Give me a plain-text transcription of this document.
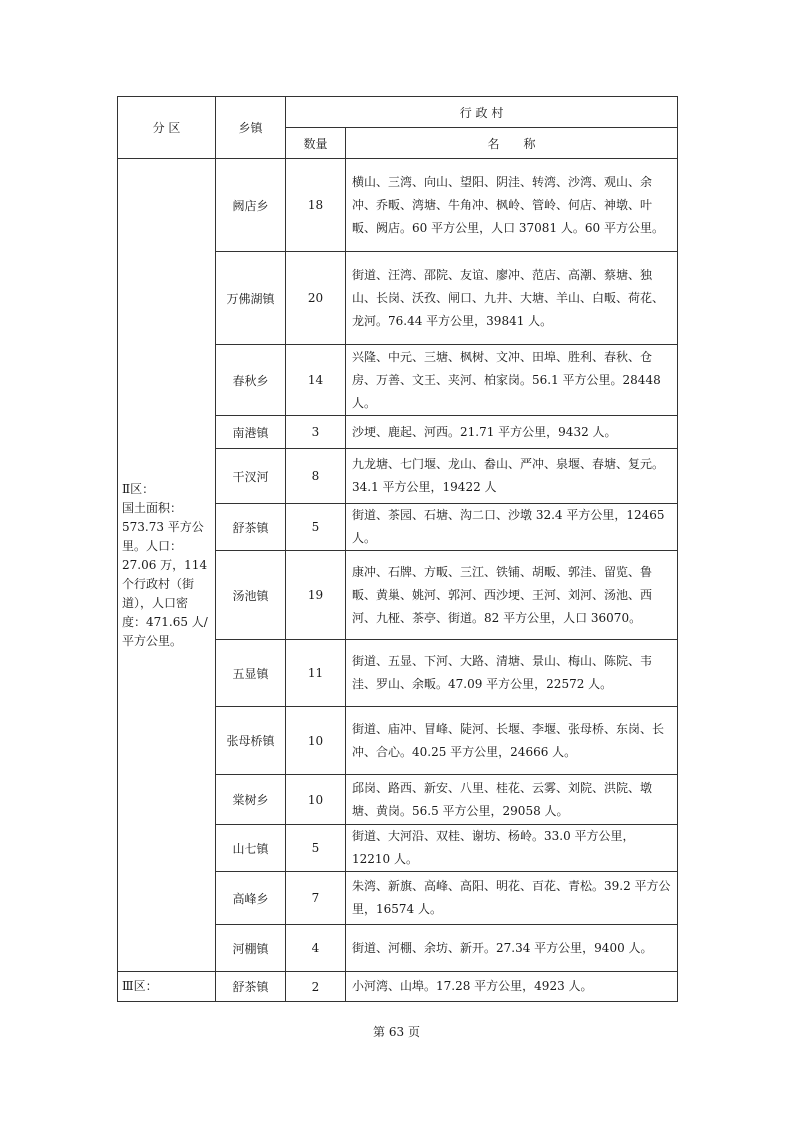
分 区	乡镇	行 政 村	
		数量	名　　称

Ⅱ区：
国土面积：573.73 平方公里。人口：27.06 万，114 个行政村（街道），人口密度：471.65 人/平方公里。	阙店乡	18	横山、三湾、向山、望阳、阴洼、转湾、沙湾、观山、余冲、乔畈、湾塘、牛角冲、枫岭、管岭、何店、神墩、叶畈、阙店。60 平方公里，人口 37081 人。60 平方公里。
	万佛湖镇	20	街道、汪湾、邵院、友谊、廖冲、范店、高潮、蔡塘、独山、长岗、沃孜、闸口、九井、大塘、羊山、白畈、荷花、龙河。76.44 平方公里，39841 人。
	春秋乡	14	兴隆、中元、三塘、枫树、文冲、田埠、胜利、春秋、仓房、万善、文王、夹河、柏家岗。56.1 平方公里。28448 人。
	南港镇	3	沙埂、鹿起、河西。21.71 平方公里，9432 人。
	干汊河	8	九龙塘、七门堰、龙山、畚山、严冲、泉堰、春塘、复元。34.1 平方公里，19422 人
	舒茶镇	5	街道、茶园、石塘、沟二口、沙墩 32.4 平方公里，12465 人。
	汤池镇	19	康冲、石牌、方畈、三江、铁铺、胡畈、郭洼、留览、鲁畈、黄巢、姚河、郭河、西沙埂、王河、刘河、汤池、西河、九桠、茶亭、街道。82 平方公里，人口 36070。
	五显镇	11	街道、五显、下河、大路、清塘、景山、梅山、陈院、韦洼、罗山、余畈。47.09 平方公里，22572 人。
	张母桥镇	10	街道、庙冲、冒峰、陡河、长堰、李堰、张母桥、东岗、长冲、合心。40.25 平方公里，24666 人。
	棠树乡	10	邱岗、路西、新安、八里、桂花、云雾、刘院、洪院、墩塘、黄岗。56.5 平方公里，29058 人。
	山七镇	5	街道、大河沿、双桂、谢坊、杨岭。33.0 平方公里，12210 人。
	高峰乡	7	朱湾、新旗、高峰、高阳、明花、百花、青松。39.2 平方公里，16574 人。
	河棚镇	4	街道、河棚、余坊、新开。27.34 平方公里，9400 人。
Ⅲ区：	舒茶镇	2	小河湾、山埠。17.28 平方公里，4923 人。
第 63 页
